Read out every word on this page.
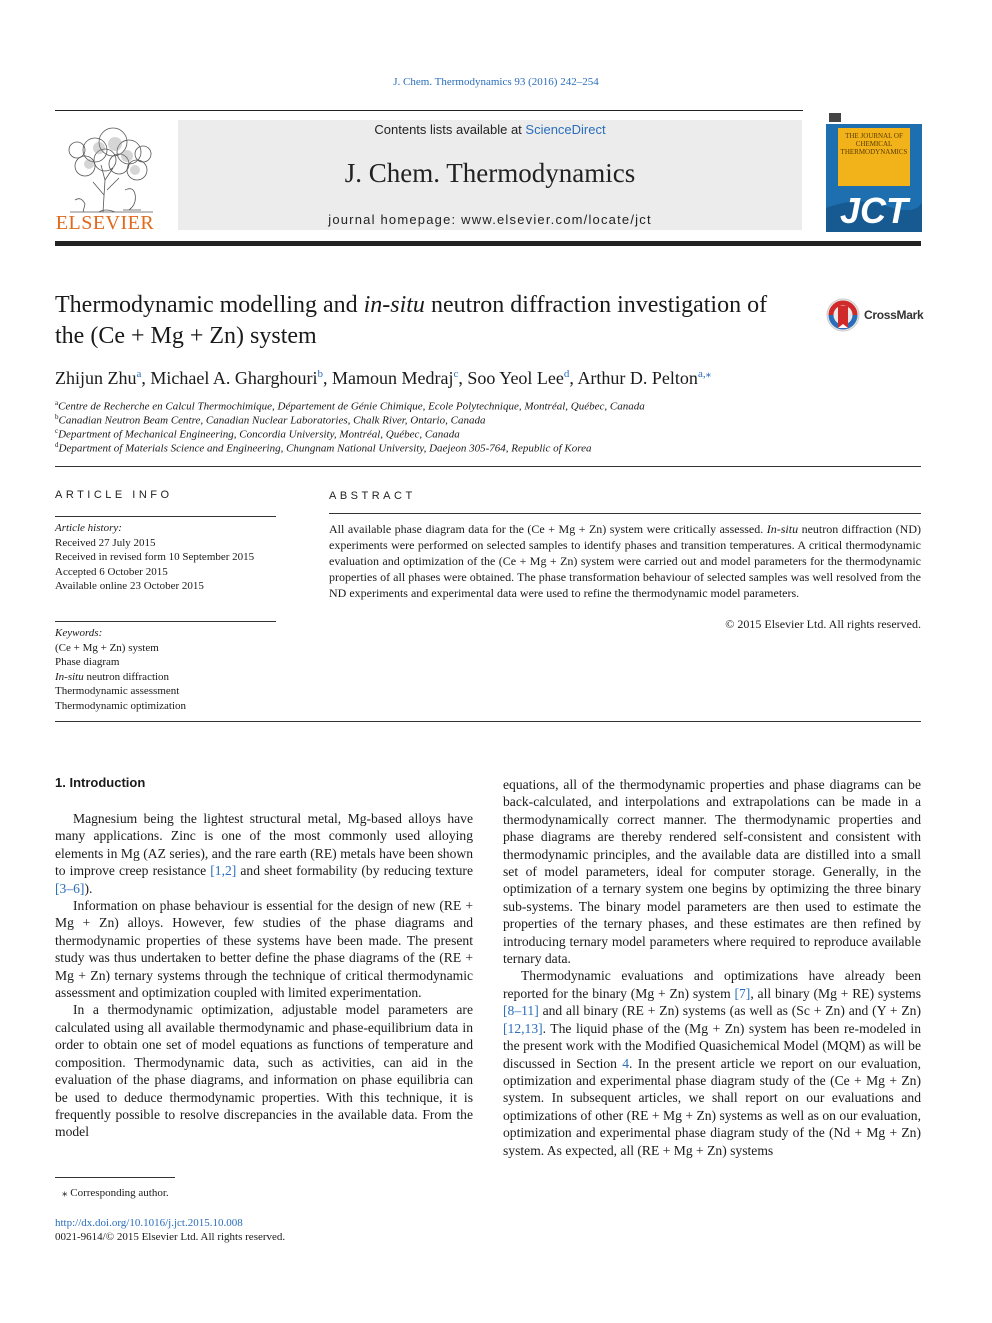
J. Chem. Thermodynamics 93 (2016) 242–254
ELSEVIER
Contents lists available at ScienceDirect
J. Chem. Thermodynamics
journal homepage: www.elsevier.com/locate/jct
THE JOURNAL OF CHEMICAL THERMODYNAMICS
JCT
Thermodynamic modelling and in-situ neutron diffraction investigation of the (Ce + Mg + Zn) system
CrossMark
Zhijun Zhu$^a$, Michael A. Gharghouri$^b$, Mamoun Medraj$^c$, Soo Yeol Lee$^d$, Arthur D. Pelton$^{a,⁎}$
$^a$Centre de Recherche en Calcul Thermochimique, Département de Génie Chimique, Ecole Polytechnique, Montréal, Québec, Canada
$^b$Canadian Neutron Beam Centre, Canadian Nuclear Laboratories, Chalk River, Ontario, Canada
$^c$Department of Mechanical Engineering, Concordia University, Montréal, Québec, Canada
$^d$Department of Materials Science and Engineering, Chungnam National University, Daejeon 305-764, Republic of Korea
ARTICLE INFO
Article history:
Received 27 July 2015
Received in revised form 10 September 2015
Accepted 6 October 2015
Available online 23 October 2015
Keywords:
(Ce + Mg + Zn) system
Phase diagram
In-situ neutron diffraction
Thermodynamic assessment
Thermodynamic optimization
ABSTRACT
All available phase diagram data for the (Ce + Mg + Zn) system were critically assessed. In-situ neutron diffraction (ND) experiments were performed on selected samples to identify phases and transition temperatures. A critical thermodynamic evaluation and optimization of the (Ce + Mg + Zn) system were carried out and model parameters for the thermodynamic properties of all phases were obtained. The phase transformation behaviour of selected samples was well resolved from the ND experiments and experimental data were used to refine the thermodynamic model parameters.
© 2015 Elsevier Ltd. All rights reserved.
1. Introduction

Magnesium being the lightest structural metal, Mg-based alloys have many applications. Zinc is one of the most commonly used alloying elements in Mg (AZ series), and the rare earth (RE) metals have been shown to improve creep resistance [1,2] and sheet formability (by reducing texture [3–6]).

Information on phase behaviour is essential for the design of new (RE + Mg + Zn) alloys. However, few studies of the phase diagrams and thermodynamic properties of these systems have been made. The present study was thus undertaken to better define the phase diagrams of the (RE + Mg + Zn) ternary systems through the technique of critical thermodynamic assessment and optimization coupled with limited experimentation.

In a thermodynamic optimization, adjustable model parameters are calculated using all available thermodynamic and phase-equilibrium data in order to obtain one set of model equations as functions of temperature and composition. Thermodynamic data, such as activities, can aid in the evaluation of the phase diagrams, and information on phase equilibria can be used to deduce thermodynamic properties. With this technique, it is frequently possible to resolve discrepancies in the available data. From the model

equations, all of the thermodynamic properties and phase diagrams can be back-calculated, and interpolations and extrapolations can be made in a thermodynamically correct manner. The thermodynamic properties and phase diagrams are thereby rendered self-consistent and consistent with thermodynamic principles, and the available data are distilled into a small set of model parameters, ideal for computer storage. Generally, in the optimization of a ternary system one begins by optimizing the three binary sub-systems. The binary model parameters are then used to estimate the properties of the ternary phases, and these estimates are then refined by introducing ternary model parameters where required to reproduce available ternary data.

Thermodynamic evaluations and optimizations have already been reported for the binary (Mg + Zn) system [7], all binary (Mg + RE) systems [8–11] and all binary (RE + Zn) systems (as well as (Sc + Zn) and (Y + Zn) [12,13]. The liquid phase of the (Mg + Zn) system has been re-modeled in the present work with the Modified Quasichemical Model (MQM) as will be discussed in Section 4. In the present article we report on our evaluation, optimization and experimental phase diagram study of the (Ce + Mg + Zn) system. In subsequent articles, we shall report on our evaluations and optimizations of other (RE + Mg + Zn) systems as well as on our evaluation, optimization and experimental phase diagram study of the (Nd + Mg + Zn) system. As expected, all (RE + Mg + Zn) systems

⁎ Corresponding author.
http://dx.doi.org/10.1016/j.jct.2015.10.008
0021-9614/© 2015 Elsevier Ltd. All rights reserved.
